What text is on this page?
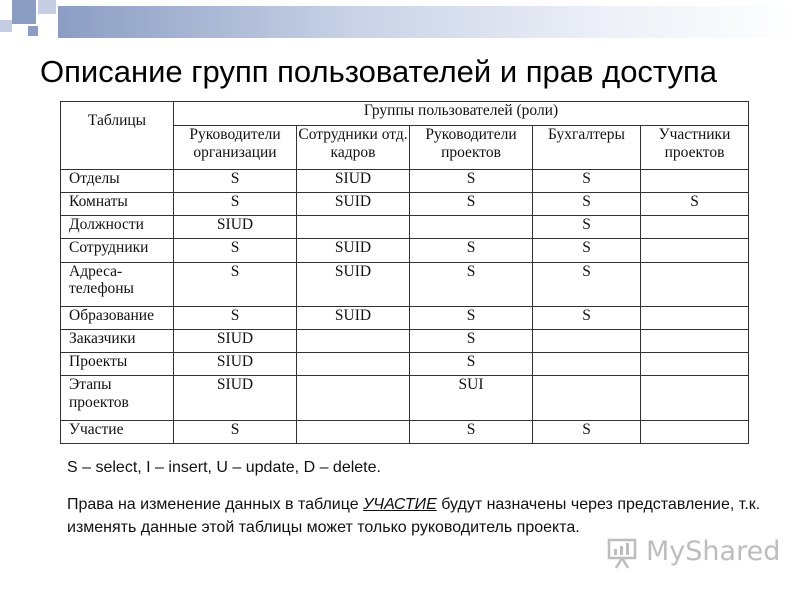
Описание групп пользователей и прав доступа
Таблицы	Группы пользователей (роли)				
	Руководители организации	Сотрудники отд. кадров	Руководители проектов	Бухгалтеры	Участники проектов
Отделы	S	SIUD	S	S	
Комнаты	S	SUID	S	S	S
Должности	SIUD			S	
Сотрудники	S	SUID	S	S	
Адреса-телефоны	S	SUID	S	S	
Образование	S	SUID	S	S	
Заказчики	SIUD		S		
Проекты	SIUD		S		
Этапы проектов	SIUD		SUI		
Участие	S		S	S	
S – select, I – insert, U – update, D – delete.
Права на изменение данных в таблице УЧАСТИЕ будут назначены через представление, т.к. изменять данные этой таблицы может только руководитель проекта.
MyShared
